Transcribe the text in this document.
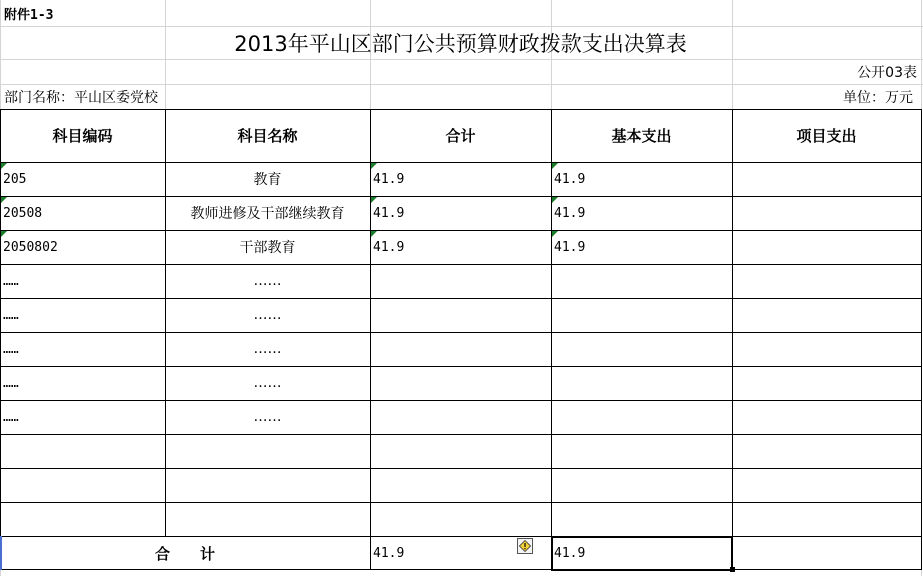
附件1-3
2013年平山区部门公共预算财政拨款支出决算表
公开03表
部门名称：平山区委党校	单位：万元
科目编码	科目名称	合计	基本支出	项目支出
205	教育	41.9	41.9
20508	教师进修及干部继续教育	41.9	41.9
2050802	干部教育	41.9	41.9
……	……
……	……
……	……
……	……
……	……
合　　计	41.9	41.9
